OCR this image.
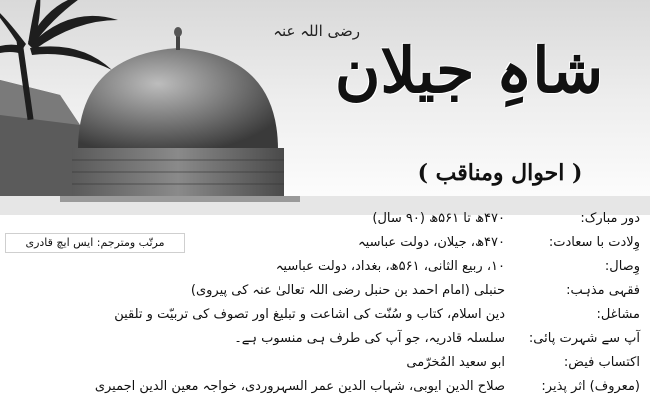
رضی اللہ عنہ
شاہِ جیلان
( احوال ومناقب )
دور مبارک:
۴۷۰ھ تا ۵۶۱ھ (۹۰ سال)
وِلادت با سعادت:
۴۷۰ھ، جیلان، دولت عباسیہ
وِصال:
۱۰، ربیع الثانی، ۵۶۱ھ، بغداد، دولت عباسیہ
فقہی مذہب:
حنبلی (امام احمد بن حنبل رضی اللہ تعالیٰ عنہ کی پیروی)
مشاغل:
دین اسلام، کتاب و سُنّت کی اشاعت و تبلیغ اور تصوف کی تربیّت و تلقین
آپ سے شہرت پائی:
سلسلہ قادریہ، جو آپ کی طرف ہی منسوب ہے۔
اکتساب فیض:
ابو سعید المُخرّمی
(معروف) اثر پذیر:
صلاح الدین ایوبی، شہاب الدین عمر السہروردی، خواجہ معین الدین اجمیری
مرتّب ومترجم: ایس ایچ قادری
